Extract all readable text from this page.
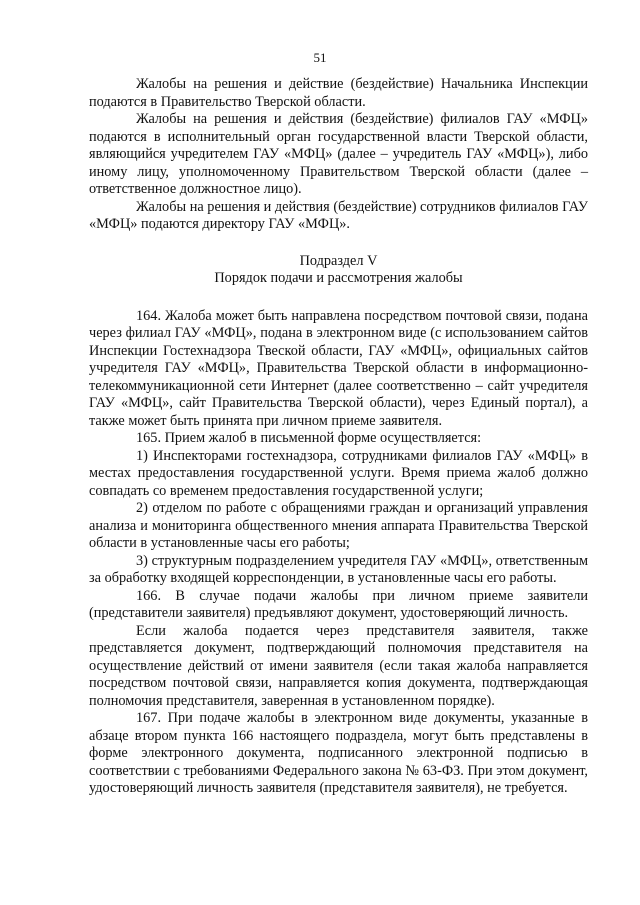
51

Жалобы на решения и действие (бездействие) Начальника Инспекции подаются в Правительство Тверской области.

Жалобы на решения и действия (бездействие) филиалов ГАУ «МФЦ» подаются в исполнительный орган государственной власти Тверской области, являющийся учредителем ГАУ «МФЦ» (далее – учредитель ГАУ «МФЦ»), либо иному лицу, уполномоченному Правительством Тверской области (далее – ответственное должностное лицо).

Жалобы на решения и действия (бездействие) сотрудников филиалов ГАУ «МФЦ» подаются директору ГАУ «МФЦ».

Подраздел V

Порядок подачи и рассмотрения жалобы

164. Жалоба может быть направлена посредством почтовой связи, подана через филиал ГАУ «МФЦ», подана в электронном виде (с использованием сайтов Инспекции Гостехнадзора Твеской области, ГАУ «МФЦ», официальных сайтов учредителя ГАУ «МФЦ», Правительства Тверской области в информационно-телекоммуникационной сети Интернет (далее соответственно – сайт учредителя ГАУ «МФЦ», сайт Правительства Тверской области), через Единый портал), а также может быть принята при личном приеме заявителя.

165. Прием жалоб в письменной форме осуществляется:

1) Инспекторами гостехнадзора, сотрудниками филиалов ГАУ «МФЦ» в местах предоставления государственной услуги. Время приема жалоб должно совпадать со временем предоставления государственной услуги;

2) отделом по работе с обращениями граждан и организаций управления анализа и мониторинга общественного мнения аппарата Правительства Тверской области в установленные часы его работы;

3) структурным подразделением учредителя ГАУ «МФЦ», ответственным за обработку входящей корреспонденции, в установленные часы его работы.

166. В случае подачи жалобы при личном приеме заявители (представители заявителя) предъявляют документ, удостоверяющий личность.

Если жалоба подается через представителя заявителя, также представляется документ, подтверждающий полномочия представителя на осуществление действий от имени заявителя (если такая жалоба направляется посредством почтовой связи, направляется копия документа, подтверждающая полномочия представителя, заверенная в установленном порядке).

167. При подаче жалобы в электронном виде документы, указанные в абзаце втором пункта 166 настоящего подраздела, могут быть представлены в форме электронного документа, подписанного электронной подписью в соответствии с требованиями Федерального закона № 63-ФЗ. При этом документ, удостоверяющий личность заявителя (представителя заявителя), не требуется.
